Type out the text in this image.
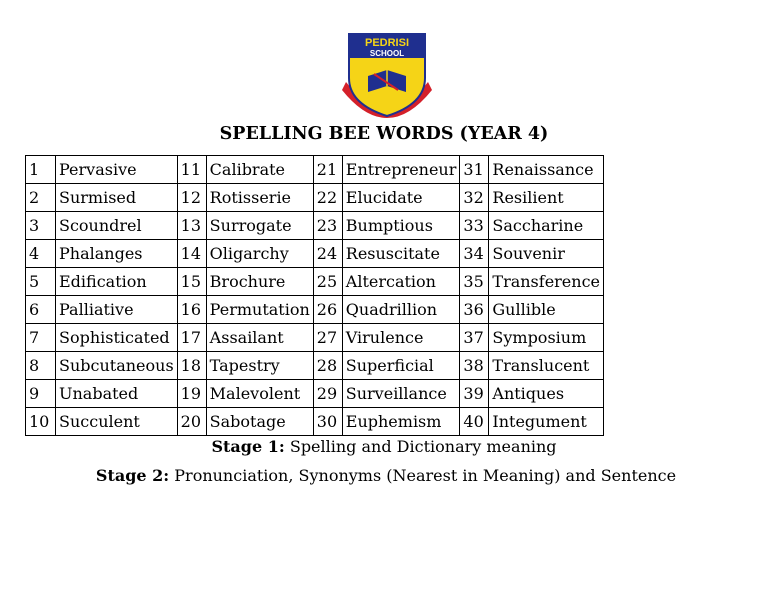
PEDRISI
SCHOOL
SPELLING BEE WORDS (YEAR 4)
1	Pervasive	11	Calibrate	21	Entrepreneur	31	Renaissance
2	Surmised	12	Rotisserie	22	Elucidate	32	Resilient
3	Scoundrel	13	Surrogate	23	Bumptious	33	Saccharine
4	Phalanges	14	Oligarchy	24	Resuscitate	34	Souvenir
5	Edification	15	Brochure	25	Altercation	35	Transference
6	Palliative	16	Permutation	26	Quadrillion	36	Gullible
7	Sophisticated	17	Assailant	27	Virulence	37	Symposium
8	Subcutaneous	18	Tapestry	28	Superficial	38	Translucent
9	Unabated	19	Malevolent	29	Surveillance	39	Antiques
10	Succulent	20	Sabotage	30	Euphemism	40	Integument
Stage 1: Spelling and Dictionary meaning
Stage 2: Pronunciation, Synonyms (Nearest in Meaning) and Sentence
